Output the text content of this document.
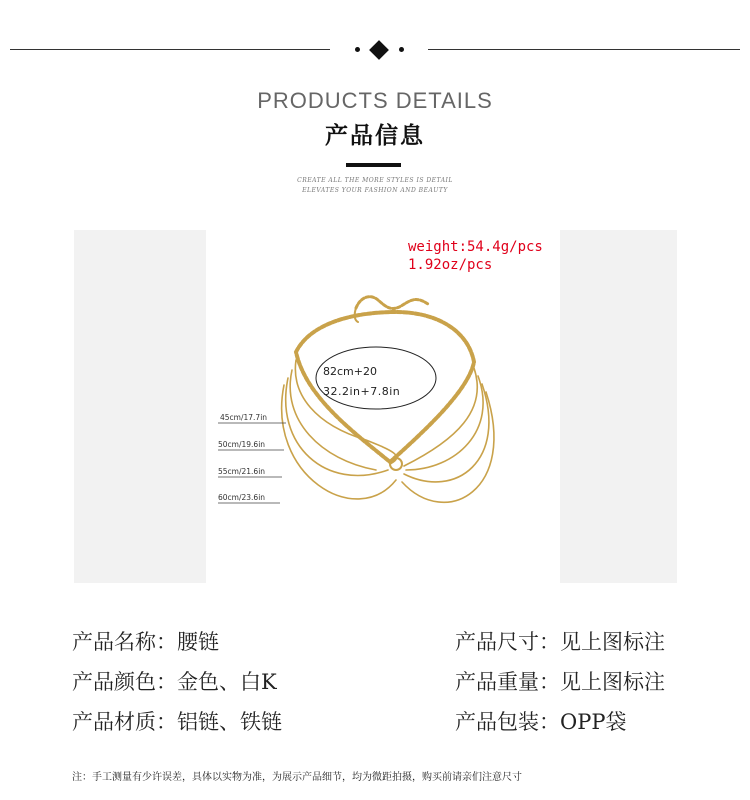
PRODUCTS DETAILS
产品信息
CREATE ALL THE MORE STYLES IS DETAIL
ELEVATES YOUR FASHION AND BEAUTY
weight:54.4g/pcs
1.92oz/pcs
82cm+20
32.2in+7.8in
45cm/17.7in
50cm/19.6in
55cm/21.6in
60cm/23.6in
产品名称：腰链
产品颜色：金色、白K
产品材质：铝链、铁链
产品尺寸：见上图标注
产品重量：见上图标注
产品包装：OPP袋
注：手工测量有少许误差，具体以实物为准，为展示产品细节，均为微距拍摄，购买前请亲们注意尺寸
